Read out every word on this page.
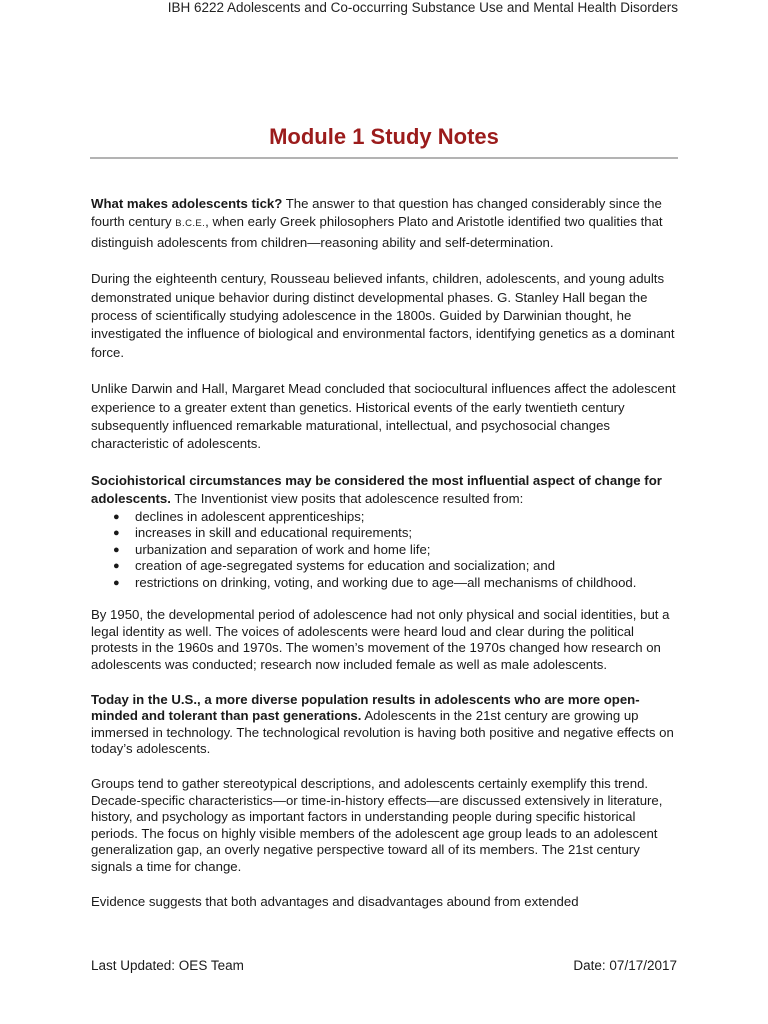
IBH 6222 Adolescents and Co-occurring Substance Use and Mental Health Disorders
Module 1 Study Notes

What makes adolescents tick? The answer to that question has changed considerably since the fourth century B.C.E., when early Greek philosophers Plato and Aristotle identified two qualities that distinguish adolescents from children—reasoning ability and self-determination.

During the eighteenth century, Rousseau believed infants, children, adolescents, and young adults demonstrated unique behavior during distinct developmental phases. G. Stanley Hall began the process of scientifically studying adolescence in the 1800s. Guided by Darwinian thought, he investigated the influence of biological and environmental factors, identifying genetics as a dominant force.

Unlike Darwin and Hall, Margaret Mead concluded that sociocultural influences affect the adolescent experience to a greater extent than genetics. Historical events of the early twentieth century subsequently influenced remarkable maturational, intellectual, and psychosocial changes characteristic of adolescents.

Sociohistorical circumstances may be considered the most influential aspect of change for adolescents. The Inventionist view posits that adolescence resulted from:

● declines in adolescent apprenticeships;
● increases in skill and educational requirements;
● urbanization and separation of work and home life;
● creation of age-segregated systems for education and socialization; and
● restrictions on drinking, voting, and working due to age—all mechanisms of childhood.

By 1950, the developmental period of adolescence had not only physical and social identities, but a legal identity as well. The voices of adolescents were heard loud and clear during the political protests in the 1960s and 1970s. The women’s movement of the 1970s changed how research on adolescents was conducted; research now included female as well as male adolescents.

Today in the U.S., a more diverse population results in adolescents who are more open-minded and tolerant than past generations. Adolescents in the 21st century are growing up immersed in technology. The technological revolution is having both positive and negative effects on today’s adolescents.

Groups tend to gather stereotypical descriptions, and adolescents certainly exemplify this trend. Decade-specific characteristics—or time-in-history effects—are discussed extensively in literature, history, and psychology as important factors in understanding people during specific historical periods. The focus on highly visible members of the adolescent age group leads to an adolescent generalization gap, an overly negative perspective toward all of its members. The 21st century signals a time for change.

Evidence suggests that both advantages and disadvantages abound from extended

Last Updated: OES Team	Date: 07/17/2017
